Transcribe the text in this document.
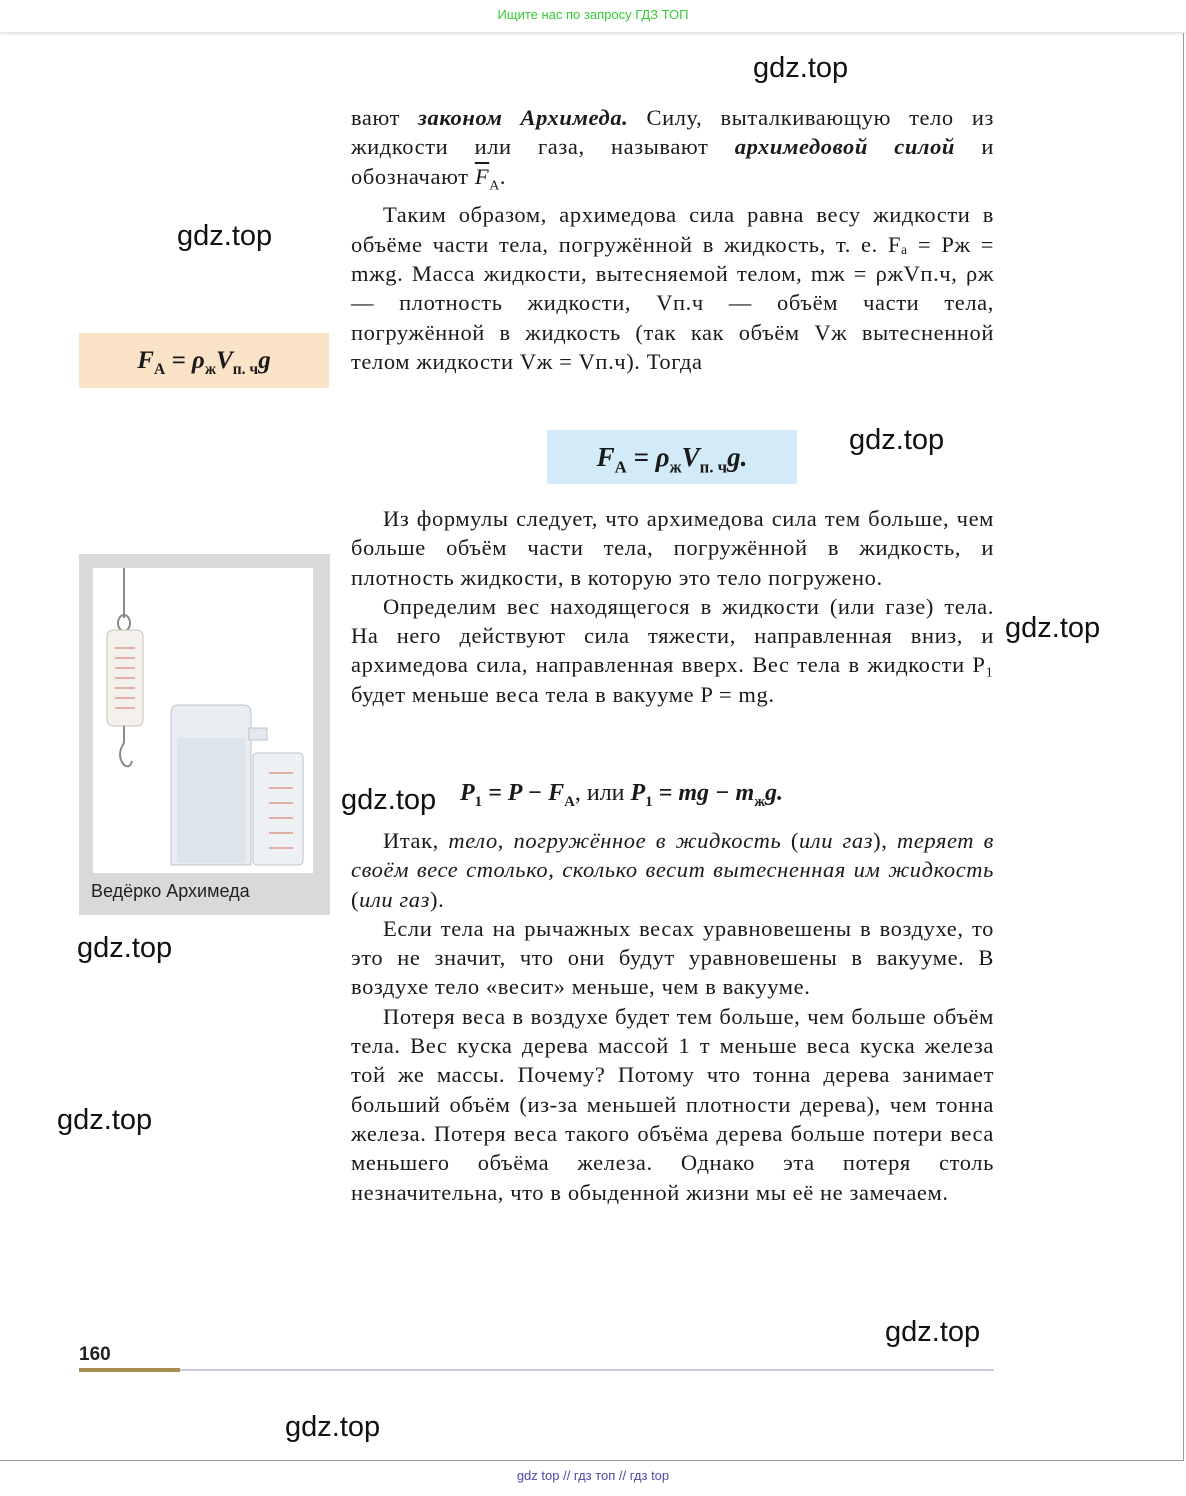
Ищите нас по запросу ГДЗ ТОП
gdz.top
gdz.top
gdz.top
gdz.top
gdz.top
gdz.top
gdz.top
gdz.top
gdz.top

вают законом Архимеда. Силу, выталкивающую тело из жидкости или газа, называют архимедовой силой и обозначают $\overline{F}_A$.

Таким образом, архимедова сила равна весу жидкости в объёме части тела, погружённой в жидкость, т. е. Fₐ = Pж = mжg. Масса жидкости, вытесняемой телом, mж = ρжVп.ч, ρж — плотность жидкости, Vп.ч — объём части тела, погружённой в жидкость (так как объём Vж вытесненной телом жидкости Vж = Vп.ч). Тогда

$F_A = \rho_жV_{п. ч}g$
$F_A = \rho_жV_{п. ч}g$.

Из формулы следует, что архимедова сила тем больше, чем больше объём части тела, погружённой в жидкость, и плотность жидкости, в которую это тело погружено.

Определим вес находящегося в жидкости (или газе) тела. На него действуют сила тяжести, направленная вниз, и архимедова сила, направленная вверх. Вес тела в жидкости P₁ будет меньше веса тела в вакууме P = mg.

$P_1 = P - F_A$, или $P_1$ = mg − $m_жg$.

Итак, тело, погружённое в жидкость (или газ), теряет в своём весе столько, сколько весит вытесненная им жидкость (или газ).

Если тела на рычажных весах уравновешены в воздухе, то это не значит, что они будут уравновешены в вакууме. В воздухе тело «весит» меньше, чем в вакууме.

Потеря веса в воздухе будет тем больше, чем больше объём тела. Вес куска дерева массой 1 т меньше веса куска железа той же массы. Почему? Потому что тонна дерева занимает больший объём (из-за меньшей плотности дерева), чем тонна железа. Потеря веса такого объёма дерева больше потери веса меньшего объёма железа. Однако эта потеря столь незначительна, что в обыденной жизни мы её не замечаем.

Ведёрко Архимеда
160
gdz top // гдз топ // гдз top
